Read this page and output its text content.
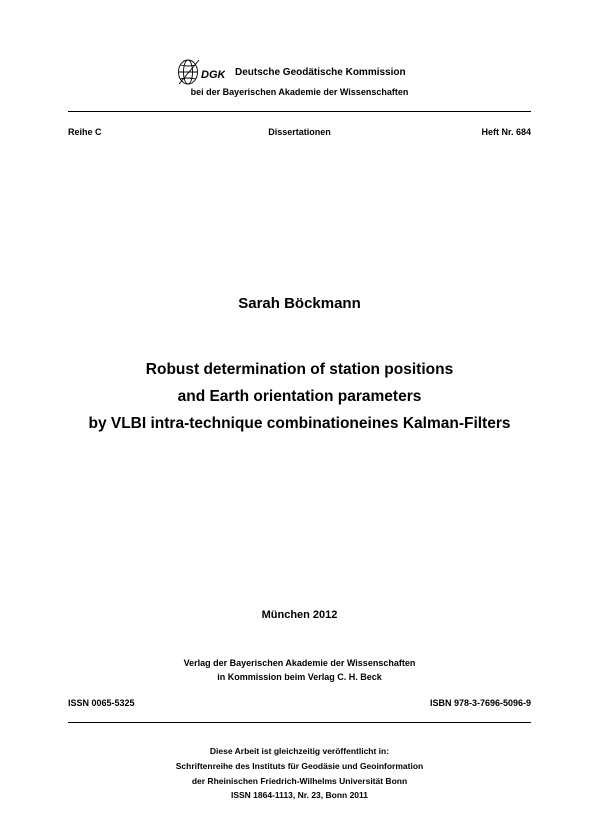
DGK Deutsche Geodätische Kommission
bei der Bayerischen Akademie der Wissenschaften
Reihe C	Dissertationen	Heft Nr. 684
Sarah Böckmann
Robust determination of station positions
and Earth orientation parameters
by VLBI intra-technique combinationeines Kalman-Filters
München 2012
Verlag der Bayerischen Akademie der Wissenschaften
in Kommission beim Verlag C. H. Beck
ISSN 0065-5325	ISBN 978-3-7696-5096-9
Diese Arbeit ist gleichzeitig veröffentlicht in:
Schriftenreihe des Instituts für Geodäsie und Geoinformation
der Rheinischen Friedrich-Wilhelms Universität Bonn
ISSN 1864-1113, Nr. 23, Bonn 2011
